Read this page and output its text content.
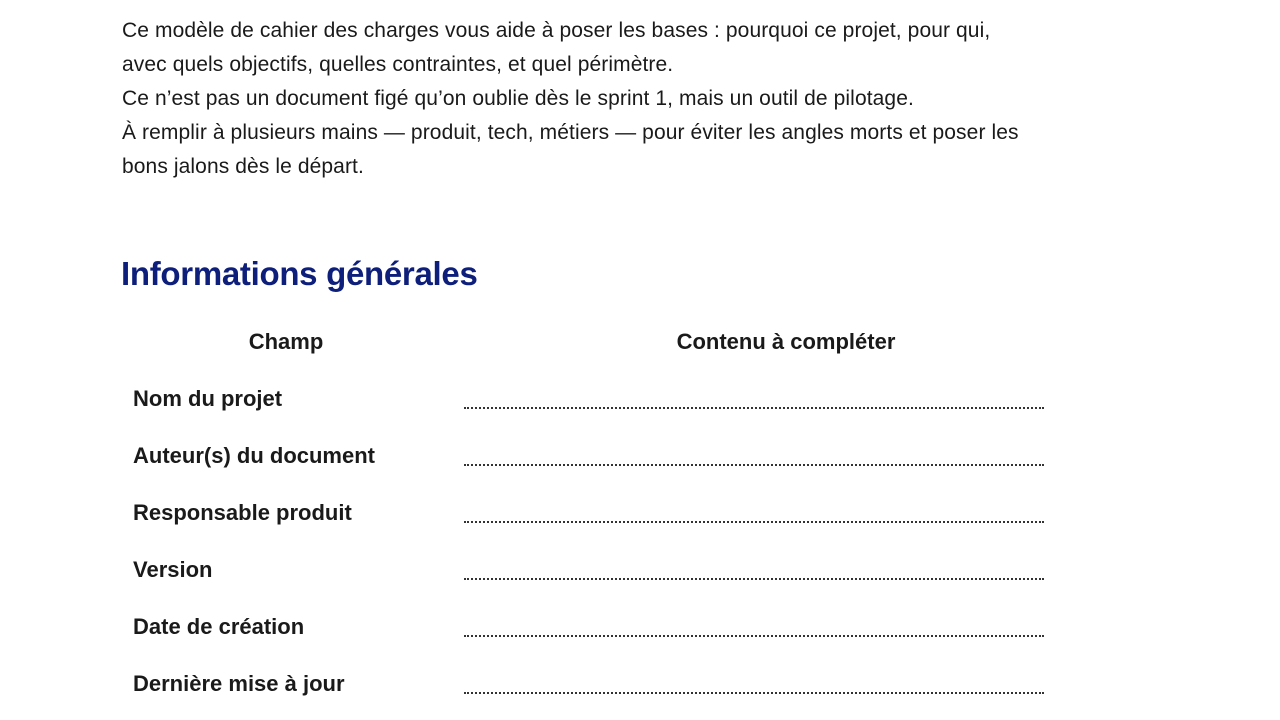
Ce modèle de cahier des charges vous aide à poser les bases : pourquoi ce projet, pour qui,
avec quels objectifs, quelles contraintes, et quel périmètre.
Ce n’est pas un document figé qu’on oublie dès le sprint 1, mais un outil de pilotage.
À remplir à plusieurs mains — produit, tech, métiers — pour éviter les angles morts et poser les
bons jalons dès le départ.
Informations générales
Champ	Contenu à compléter
Nom du projet	

Auteur(s) du document	

Responsable produit	

Version	

Date de création	

Dernière mise à jour	
